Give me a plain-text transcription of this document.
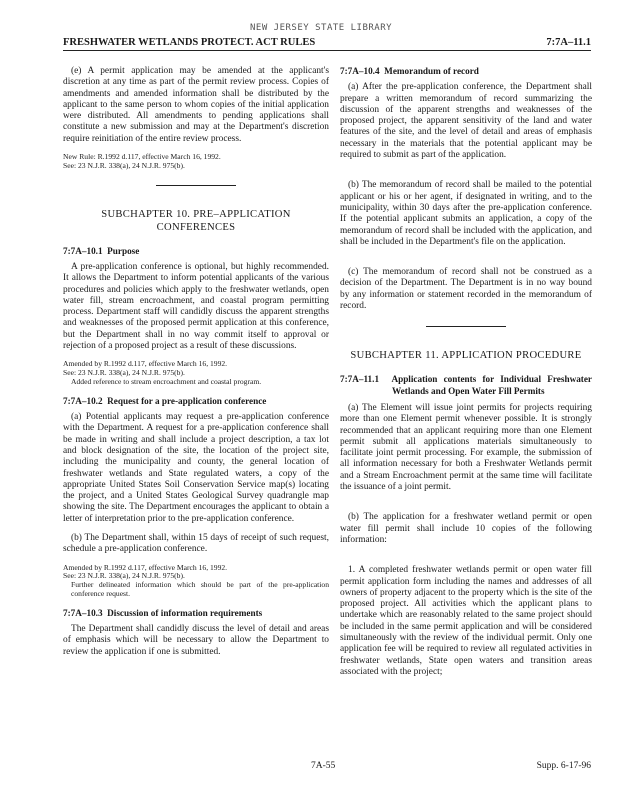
NEW JERSEY STATE LIBRARY
FRESHWATER WETLANDS PROTECT. ACT RULES	7:7A–11.1

(e) A permit application may be amended at the applicant's discretion at any time as part of the permit review process. Copies of amendments and amended information shall be distributed by the applicant to the same person to whom copies of the initial application were distributed. All amendments to pending applications shall constitute a new submission and may at the Department's discretion require reinitiation of the entire review process.

New Rule: R.1992 d.117, effective March 16, 1992.
See: 23 N.J.R. 338(a), 24 N.J.R. 975(b).
SUBCHAPTER 10. PRE–APPLICATION
CONFERENCES
7:7A–10.1 Purpose

A pre-application conference is optional, but highly recommended. It allows the Department to inform potential applicants of the various procedures and policies which apply to the freshwater wetlands, open water fill, stream encroachment, and coastal program permitting process. Department staff will candidly discuss the apparent strengths and weaknesses of the proposed permit application at this conference, but the Department shall in no way commit itself to approval or rejection of a proposed project as a result of these discussions.

Amended by R.1992 d.117, effective March 16, 1992.
See: 23 N.J.R. 338(a), 24 N.J.R. 975(b).
Added reference to stream encroachment and coastal program.
7:7A–10.2 Request for a pre-application conference

(a) Potential applicants may request a pre-application conference with the Department. A request for a pre-application conference shall be made in writing and shall include a project description, a tax lot and block designation of the site, the location of the project site, including the municipality and county, the general location of freshwater wetlands and State regulated waters, a copy of the appropriate United States Soil Conservation Service map(s) locating the project, and a United States Geological Survey quadrangle map showing the site. The Department encourages the applicant to obtain a letter of interpretation prior to the pre-application conference.

(b) The Department shall, within 15 days of receipt of such request, schedule a pre-application conference.

Amended by R.1992 d.117, effective March 16, 1992.
See: 23 N.J.R. 338(a), 24 N.J.R. 975(b).
Further delineated information which should be part of the pre-application conference request.
7:7A–10.3 Discussion of information requirements

The Department shall candidly discuss the level of detail and areas of emphasis which will be necessary to allow the Department to review the application if one is submitted.

7:7A–10.4 Memorandum of record

(a) After the pre-application conference, the Department shall prepare a written memorandum of record summarizing the discussion of the apparent strengths and weaknesses of the proposed project, the apparent sensitivity of the land and water features of the site, and the level of detail and areas of emphasis necessary in the materials that the potential applicant may be required to submit as part of the application.

(b) The memorandum of record shall be mailed to the potential applicant or his or her agent, if designated in writing, and to the municipality, within 30 days after the pre-application conference. If the potential applicant submits an application, a copy of the memorandum of record shall be included with the application, and shall be included in the Department's file on the application.

(c) The memorandum of record shall not be construed as a decision of the Department. The Department is in no way bound by any information or statement recorded in the memorandum of record.

SUBCHAPTER 11. APPLICATION PROCEDURE
7:7A–11.1 Application contents for Individual Freshwater Wetlands and Open Water Fill Permits

(a) The Element will issue joint permits for projects requiring more than one Element permit whenever possible. It is strongly recommended that an applicant requiring more than one Element permit submit all applications materials simultaneously to facilitate joint permit processing. For example, the submission of all information necessary for both a Freshwater Wetlands permit and a Stream Encroachment permit at the same time will facilitate the issuance of a joint permit.

(b) The application for a freshwater wetland permit or open water fill permit shall include 10 copies of the following information:

1. A completed freshwater wetlands permit or open water fill permit application form including the names and addresses of all owners of property adjacent to the property which is the site of the proposed project. All activities which the applicant plans to undertake which are reasonably related to the same project should be included in the same permit application and will be considered simultaneously with the review of the individual permit. Only one application fee will be required to review all regulated activities in freshwater wetlands, State open waters and transition areas associated with the project;

7A-55	Supp. 6-17-96
